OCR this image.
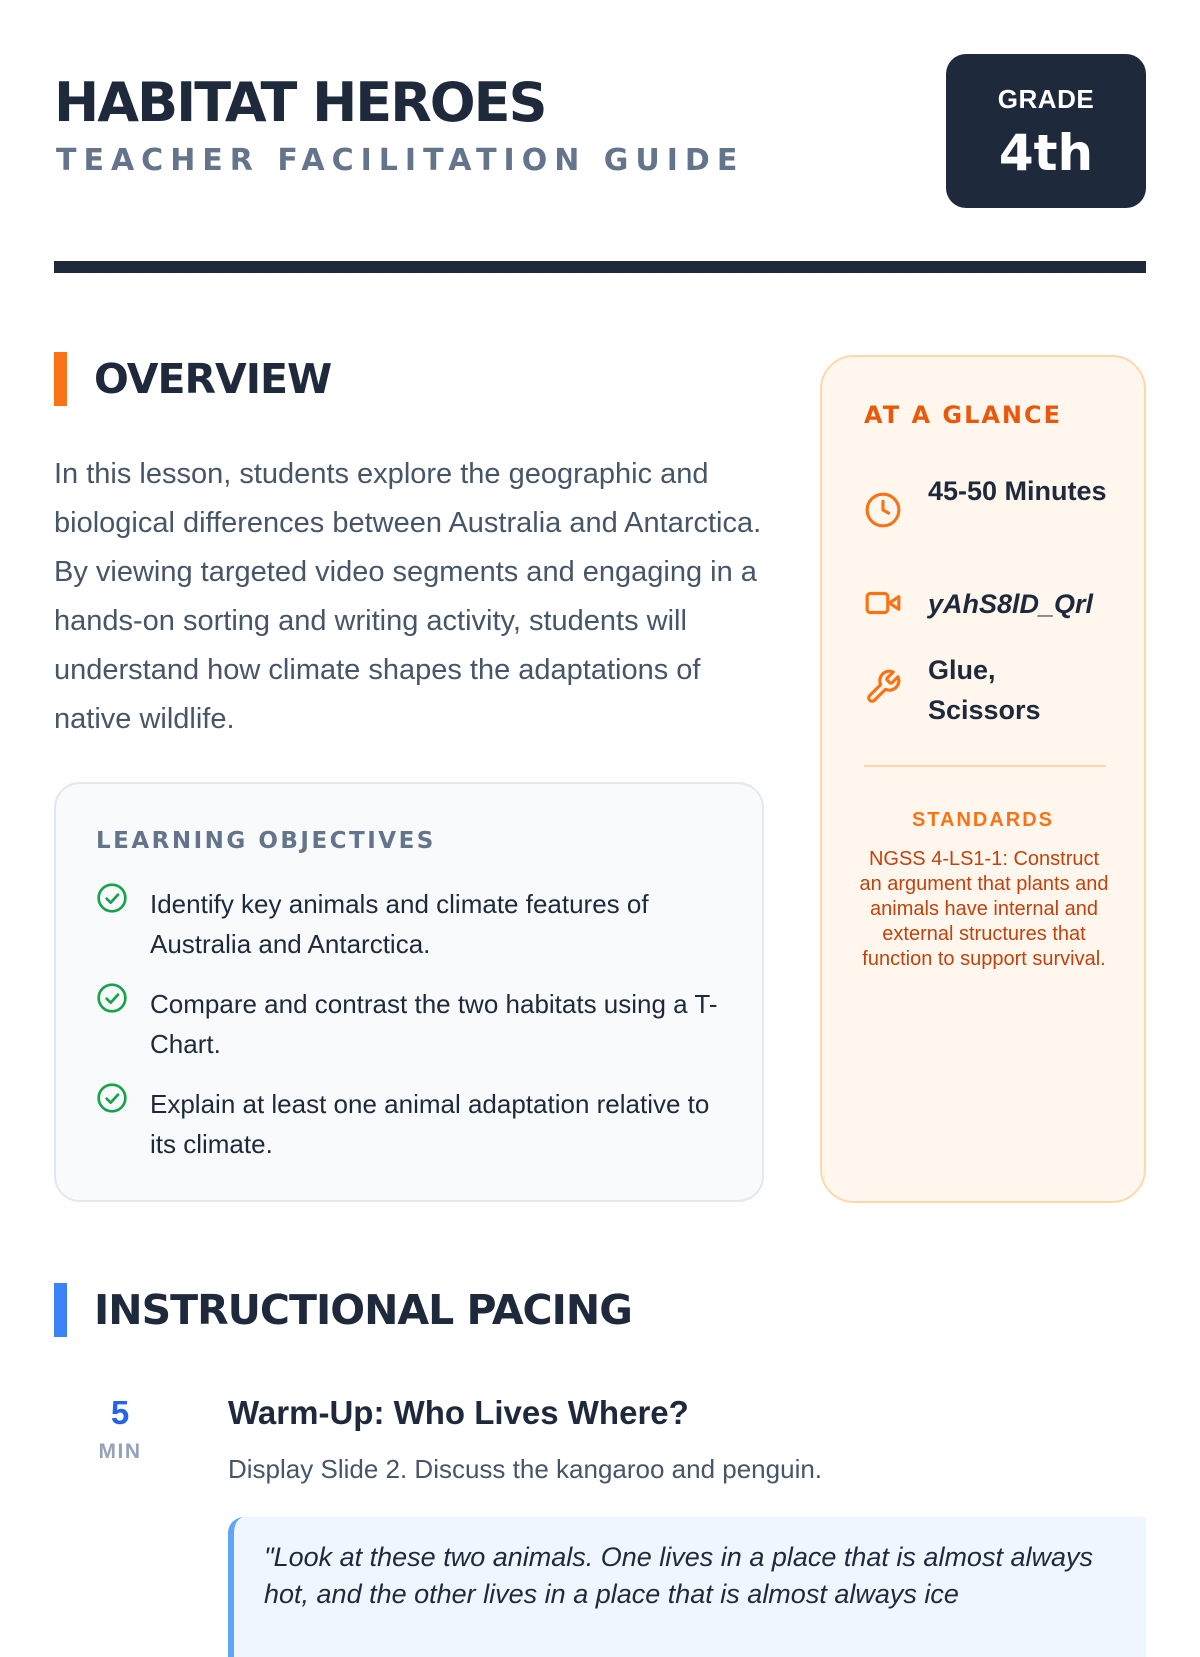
HABITAT HEROES
TEACHER FACILITATION GUIDE
GRADE
4th
OVERVIEW
In this lesson, students explore the geographic and biological differences between Australia and Antarctica. By viewing targeted video segments and engaging in a hands-on sorting and writing activity, students will understand how climate shapes the adaptations of native wildlife.
LEARNING OBJECTIVES
Identify key animals and climate features of Australia and Antarctica.
Compare and contrast the two habitats using a T-Chart.
Explain at least one animal adaptation relative to its climate.
AT A GLANCE
45-50 Minutes
yAhS8lD_Qrl
Glue, Scissors
STANDARDS
NGSS 4-LS1-1: Construct an argument that plants and animals have internal and external structures that function to support survival.
INSTRUCTIONAL PACING
5
MIN
Warm-Up: Who Lives Where?
Display Slide 2. Discuss the kangaroo and penguin.
"Look at these two animals. One lives in a place that is almost always hot, and the other lives in a place that is almost always ice
